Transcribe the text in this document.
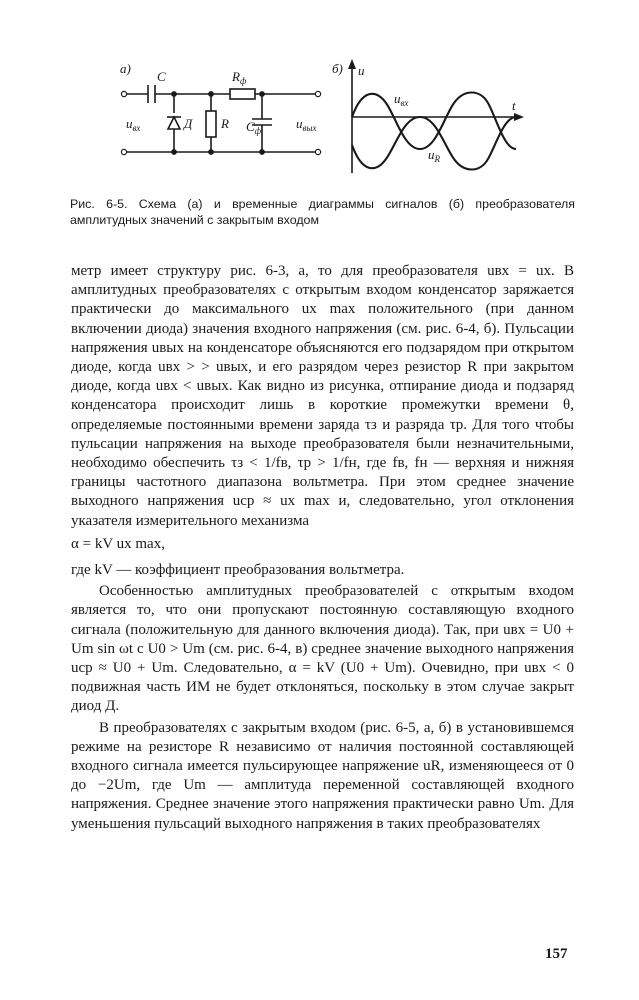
а)
C	$R_ф$
Д R $C_ф$
$u_{вх}$	$u_{вых}$
б) u
t
$u_{вх}$
$u_R$
Рис. 6-5. Схема (а) и временные диаграммы сигналов (б) преобразователя амплитудных значений с закрытым входом

метр имеет структуру рис. 6-3, а, то для преобразователя uвх = uх. В амплитудных преобразователях с открытым входом конденсатор заряжается практически до максимального uх max положительного (при данном включении диода) значения входного напряжения (см. рис. 6-4, б). Пульсации напряжения uвых на конденсаторе объясняются его подзарядом при открытом диоде, когда uвх > > uвых, и его разрядом через резистор R при закрытом диоде, когда uвх < uвых. Как видно из рисунка, отпирание диода и подзаряд конденсатора происходит лишь в короткие промежутки времени θ, определяемые постоянными времени заряда τз и разряда τр. Для того чтобы пульсации напряжения на выходе преобразователя были незначительными, необходимо обеспечить τз < 1/fв, τр > 1/fн, где fв, fн — верхняя и нижняя границы частотного диапазона вольтметра. При этом среднее значение выходного напряжения uср ≈ uх max и, следовательно, угол отклонения указателя измерительного механизма

α = kV uх max,

где kV — коэффициент преобразования вольтметра.

Особенностью амплитудных преобразователей с открытым входом является то, что они пропускают постоянную составляющую входного сигнала (положительную для данного включения диода). Так, при uвх = U0 + Um sin ωt с U0 > Um (см. рис. 6-4, в) среднее значение выходного напряжения uср ≈ U0 + Um. Следовательно, α = kV (U0 + Um). Очевидно, при uвх < 0 подвижная часть ИМ не будет отклоняться, поскольку в этом случае закрыт диод Д.

В преобразователях с закрытым входом (рис. 6-5, а, б) в установившемся режиме на резисторе R независимо от наличия постоянной составляющей входного сигнала имеется пульсирующее напряжение uR, изменяющееся от 0 до −2Um, где Um — амплитуда переменной составляющей входного напряжения. Среднее значение этого напряжения практически равно Um. Для уменьшения пульсаций выходного напряжения в таких преобразователях

157
